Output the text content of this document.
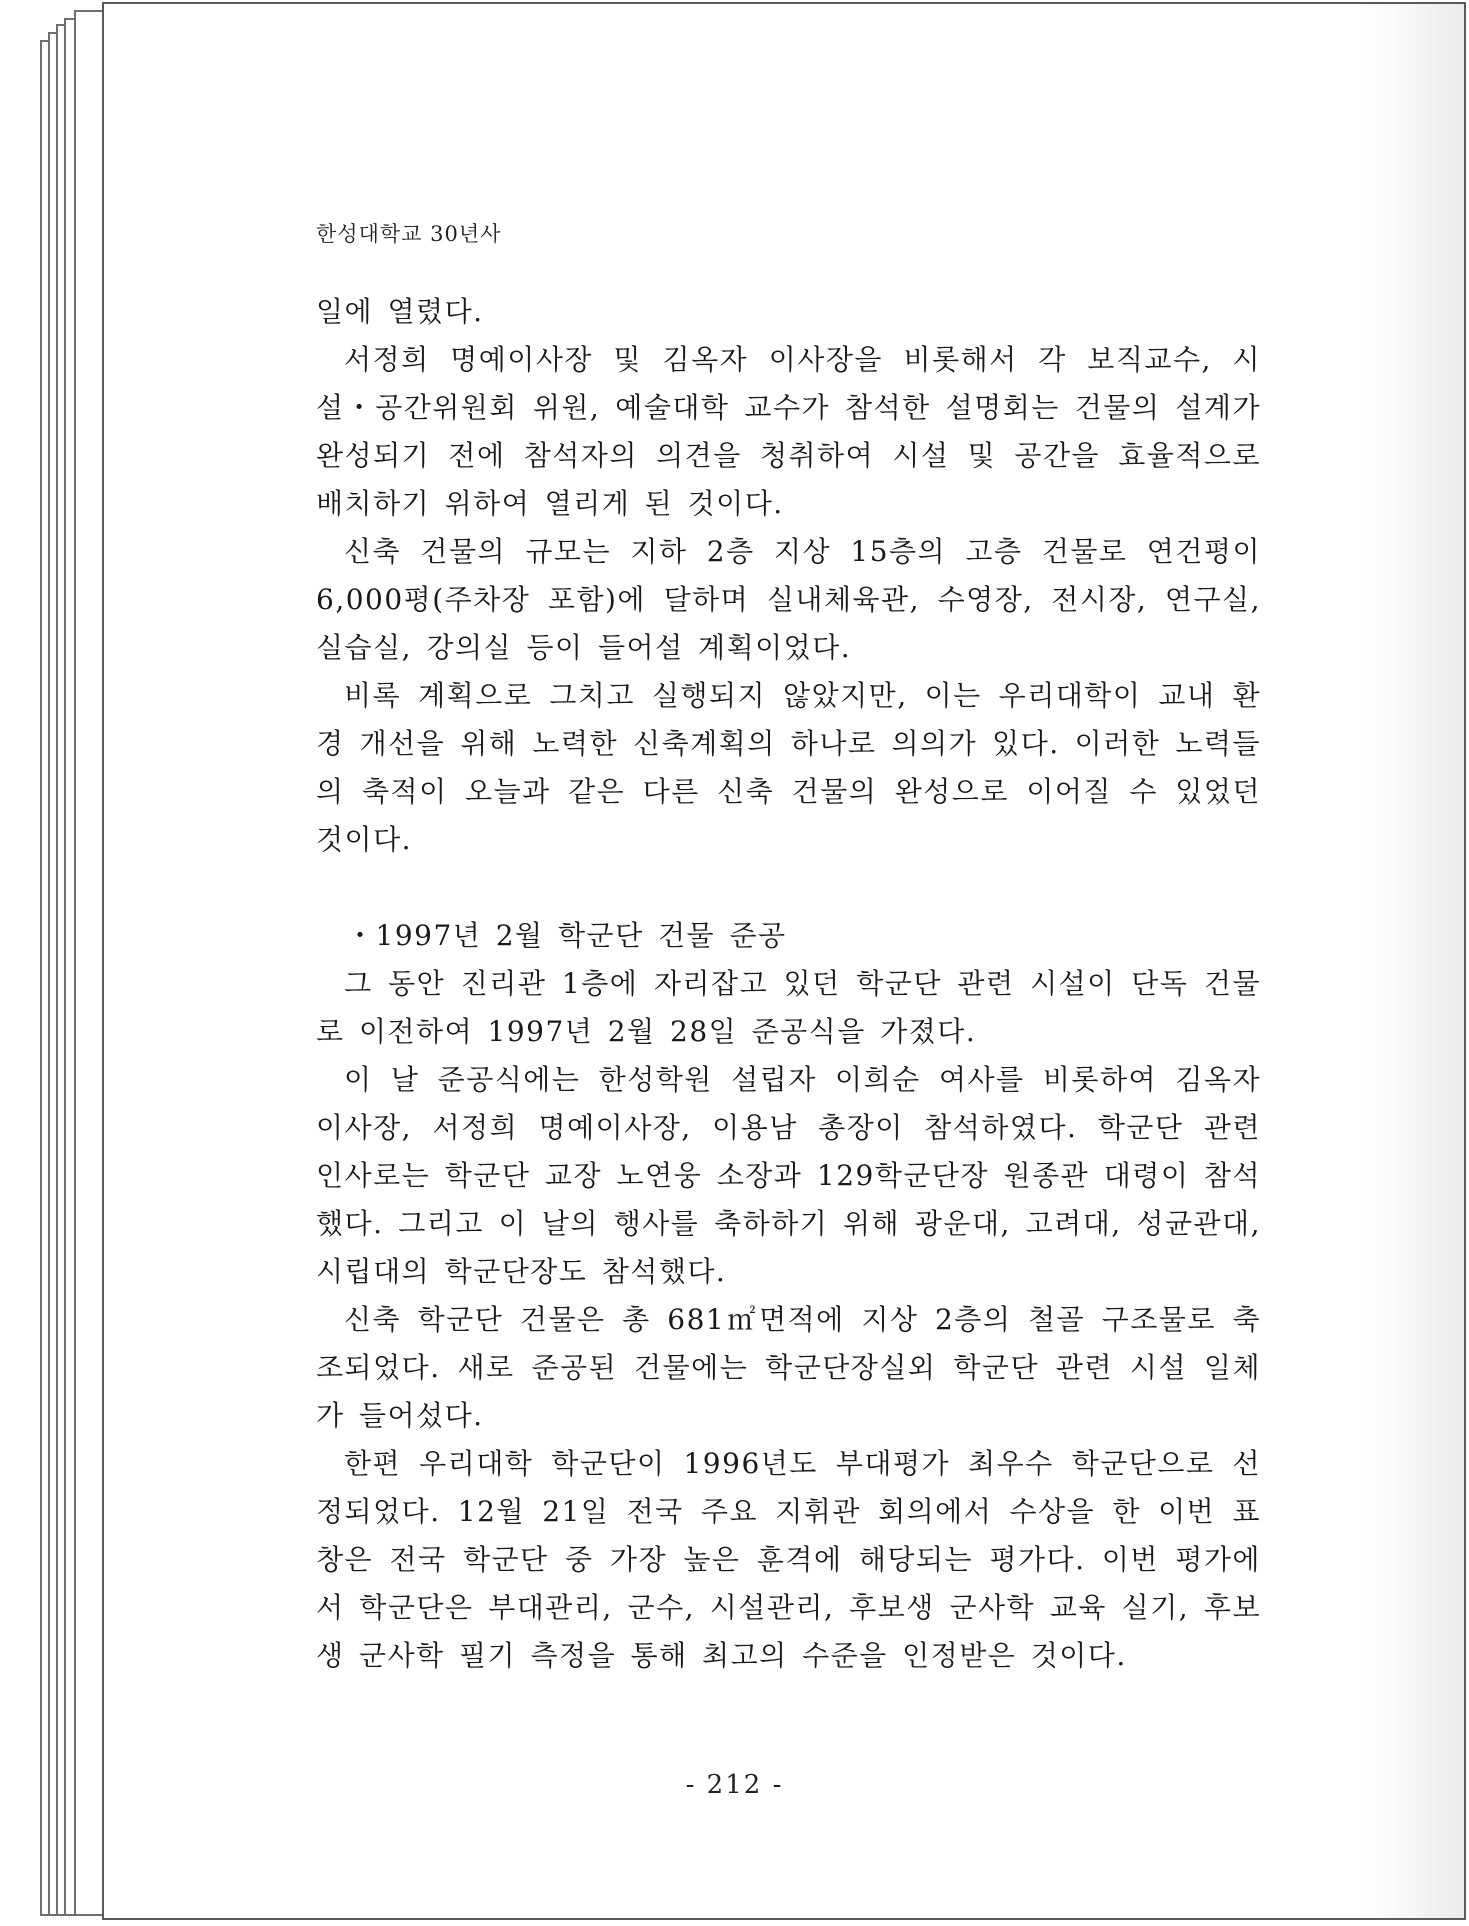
한성대학교 30년사

일에 열렸다.

서정희 명예이사장 및 김옥자 이사장을 비롯해서 각 보직교수, 시설・공간위원회 위원, 예술대학 교수가 참석한 설명회는 건물의 설계가 완성되기 전에 참석자의 의견을 청취하여 시설 및 공간을 효율적으로 배치하기 위하여 열리게 된 것이다.

신축 건물의 규모는 지하 2층 지상 15층의 고층 건물로 연건평이 6,000평(주차장 포함)에 달하며 실내체육관, 수영장, 전시장, 연구실, 실습실, 강의실 등이 들어설 계획이었다.

비록 계획으로 그치고 실행되지 않았지만, 이는 우리대학이 교내 환경 개선을 위해 노력한 신축계획의 하나로 의의가 있다. 이러한 노력들의 축적이 오늘과 같은 다른 신축 건물의 완성으로 이어질 수 있었던 것이다.

・1997년 2월 학군단 건물 준공

그 동안 진리관 1층에 자리잡고 있던 학군단 관련 시설이 단독 건물로 이전하여 1997년 2월 28일 준공식을 가졌다.

이 날 준공식에는 한성학원 설립자 이희순 여사를 비롯하여 김옥자 이사장, 서정희 명예이사장, 이용남 총장이 참석하였다. 학군단 관련 인사로는 학군단 교장 노연웅 소장과 129학군단장 원종관 대령이 참석했다. 그리고 이 날의 행사를 축하하기 위해 광운대, 고려대, 성균관대, 시립대의 학군단장도 참석했다.

신축 학군단 건물은 총 681㎡면적에 지상 2층의 철골 구조물로 축조되었다. 새로 준공된 건물에는 학군단장실외 학군단 관련 시설 일체가 들어섰다.

한편 우리대학 학군단이 1996년도 부대평가 최우수 학군단으로 선정되었다. 12월 21일 전국 주요 지휘관 회의에서 수상을 한 이번 표창은 전국 학군단 중 가장 높은 훈격에 해당되는 평가다. 이번 평가에서 학군단은 부대관리, 군수, 시설관리, 후보생 군사학 교육 실기, 후보생 군사학 필기 측정을 통해 최고의 수준을 인정받은 것이다.

- 212 -
